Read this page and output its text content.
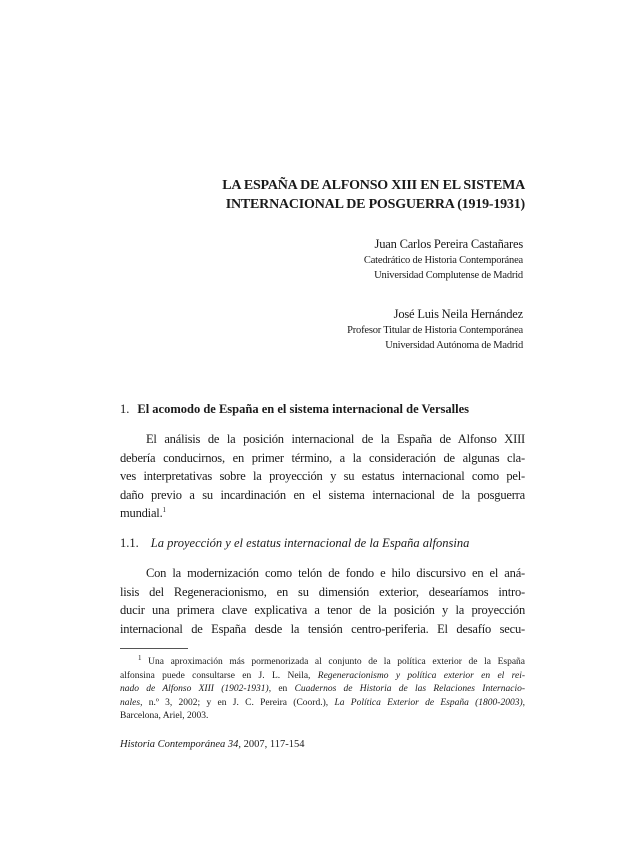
LA ESPAÑA DE ALFONSO XIII EN EL SISTEMA
INTERNACIONAL DE POSGUERRA (1919-1931)
Juan Carlos Pereira Castañares
Catedrático de Historia Contemporánea
Universidad Complutense de Madrid
José Luis Neila Hernández
Profesor Titular de Historia Contemporánea
Universidad Autónoma de Madrid
1. El acomodo de España en el sistema internacional de Versalles
El análisis de la posición internacional de la España de Alfonso XIII
debería conducirnos, en primer término, a la consideración de algunas cla-
ves interpretativas sobre la proyección y su estatus internacional como pel-
daño previo a su incardinación en el sistema internacional de la posguerra
mundial.$^1$
1.1. La proyección y el estatus internacional de la España alfonsina
Con la modernización como telón de fondo e hilo discursivo en el aná-
lisis del Regeneracionismo, en su dimensión exterior, desearíamos intro-
ducir una primera clave explicativa a tenor de la posición y la proyección
internacional de España desde la tensión centro-periferia. El desafío secu-
$^1$ Una aproximación más pormenorizada al conjunto de la política exterior de la España
alfonsina puede consultarse en J. L. Neila, Regeneracionismo y política exterior en el rei-
nado de Alfonso XIII (1902-1931), en Cuadernos de Historia de las Relaciones Internacio-
nales, n.º 3, 2002; y en J. C. Pereira (Coord.), La Política Exterior de España (1800-2003),
Barcelona, Ariel, 2003.
Historia Contemporánea 34, 2007, 117-154
